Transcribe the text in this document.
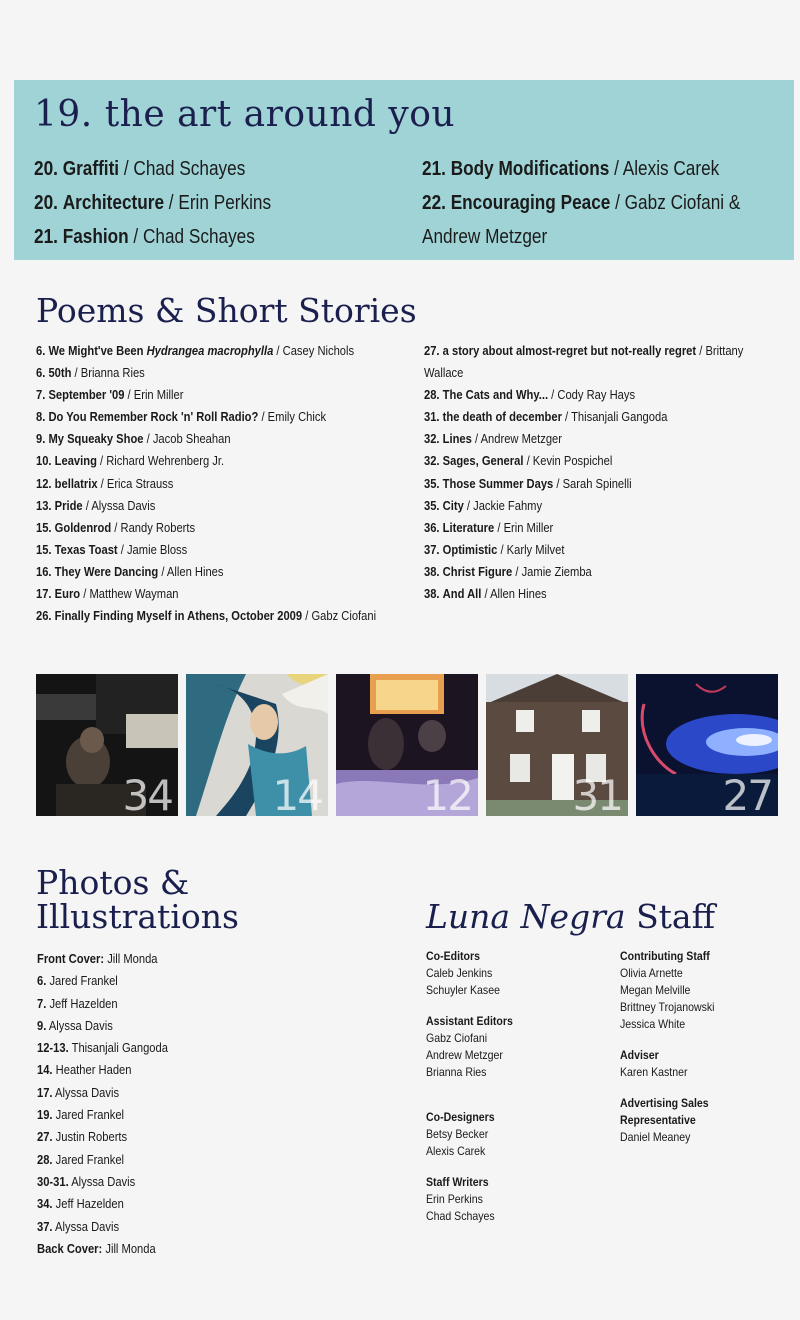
19. the art around you
20. Graffiti / Chad Schayes
20. Architecture / Erin Perkins
21. Fashion / Chad Schayes
21. Body Modifications / Alexis Carek
22. Encouraging Peace / Gabz Ciofani &
Andrew Metzger
Poems & Short Stories
6. We Might've Been Hydrangea macrophylla / Casey Nichols
6. 50th / Brianna Ries
7. September '09 / Erin Miller
8. Do You Remember Rock 'n' Roll Radio? / Emily Chick
9. My Squeaky Shoe / Jacob Sheahan
10. Leaving / Richard Wehrenberg Jr.
12. bellatrix / Erica Strauss
13. Pride / Alyssa Davis
15. Goldenrod / Randy Roberts
15. Texas Toast / Jamie Bloss
16. They Were Dancing / Allen Hines
17. Euro / Matthew Wayman
26. Finally Finding Myself in Athens, October 2009 / Gabz Ciofani
27. a story about almost-regret but not-really regret / Brittany
Wallace
28. The Cats and Why... / Cody Ray Hays
31. the death of december / Thisanjali Gangoda
32. Lines / Andrew Metzger
32. Sages, General / Kevin Pospichel
35. Those Summer Days / Sarah Spinelli
35. City / Jackie Fahmy
36. Literature / Erin Miller
37. Optimistic / Karly Milvet
38. Christ Figure / Jamie Ziemba
38. And All / Allen Hines
34 14 12 31 27
Photos &
Illustrations
Front Cover: Jill Monda
6. Jared Frankel
7. Jeff Hazelden
9. Alyssa Davis
12-13. Thisanjali Gangoda
14. Heather Haden
17. Alyssa Davis
19. Jared Frankel
27. Justin Roberts
28. Jared Frankel
30-31. Alyssa Davis
34. Jeff Hazelden
37. Alyssa Davis
Back Cover: Jill Monda
Luna Negra Staff
Co-Editors
Caleb Jenkins
Schuyler Kasee
Assistant Editors
Gabz Ciofani
Andrew Metzger
Brianna Ries
Co-Designers
Betsy Becker
Alexis Carek
Staff Writers
Erin Perkins
Chad Schayes
Contributing Staff
Olivia Arnette
Megan Melville
Brittney Trojanowski
Jessica White
Adviser
Karen Kastner
Advertising Sales
Representative
Daniel Meaney
